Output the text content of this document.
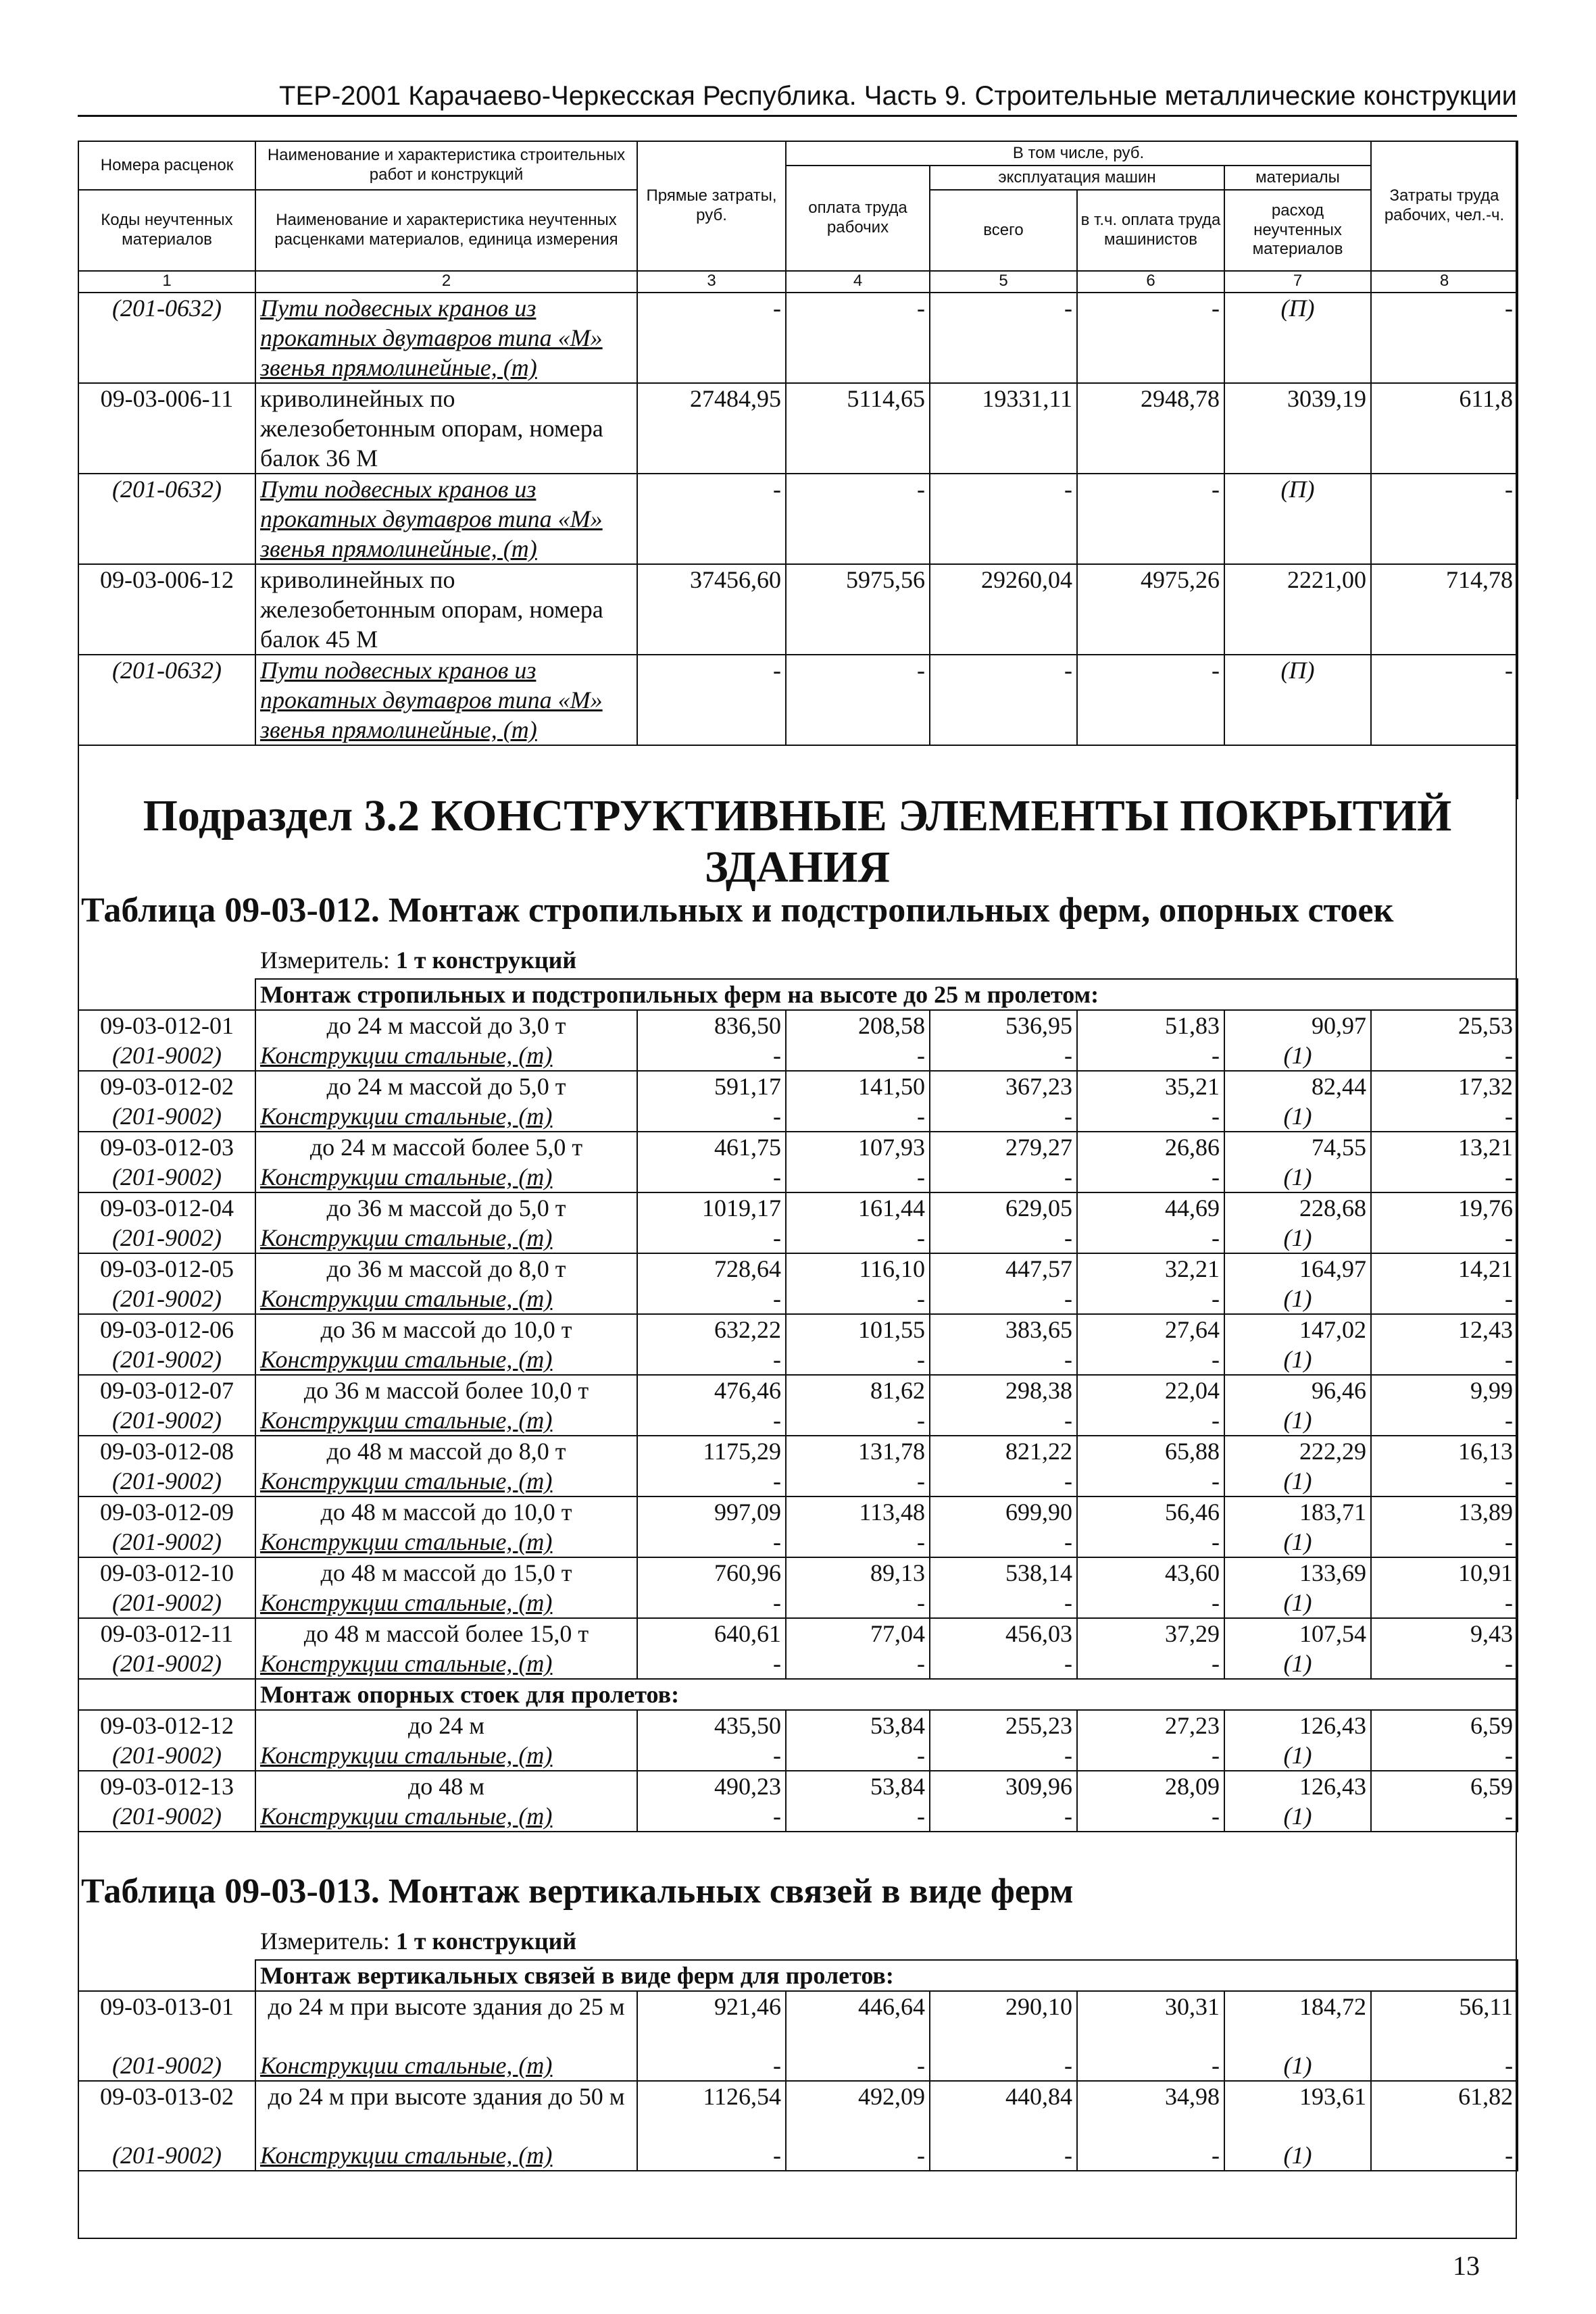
ТЕР-2001 Карачаево-Черкесская Республика. Часть 9. Строительные металлические конструкции
Номера расценок	Наименование и характеристика строительных работ и конструкций	Прямые затраты, руб.	В том числе, руб.				Затраты труда рабочих, чел.-ч.
			оплата труда рабочих	эксплуатация машин		материалы	
Коды неучтенных материалов	Наименование и характеристика неучтенных расценками материалов, единица измерения			всего	в т.ч. оплата труда машинистов	расход неучтенных материалов	

1	2	3	4	5	6	7	8
(201-0632)	Пути подвесных кранов из прокатных двутавров типа «М» звенья прямолинейные, (т)	-	-	-	-	(П)	-
09-03-006-11	криволинейных по железобетонным опорам, номера балок 36 М	27484,95	5114,65	19331,11	2948,78	3039,19	611,8
(201-0632)	Пути подвесных кранов из прокатных двутавров типа «М» звенья прямолинейные, (т)	-	-	-	-	(П)	-
09-03-006-12	криволинейных по железобетонным опорам, номера балок 45 М	37456,60	5975,56	29260,04	4975,26	2221,00	714,78
(201-0632)	Пути подвесных кранов из прокатных двутавров типа «М» звенья прямолинейные, (т)	-	-	-	-	(П)	-

Подраздел 3.2 КОНСТРУКТИВНЫЕ ЭЛЕМЕНТЫ ПОКРЫТИЙ ЗДАНИЯ
Таблица 09-03-012. Монтаж стропильных и подстропильных ферм, опорных стоек
Измеритель: 1 т конструкций
	Монтаж стропильных и подстропильных ферм на высоте до 25 м пролетом:						
09-03-012-01	до 24 м массой до 3,0 т	836,50	208,58	536,95	51,83	90,97	25,53
(201-9002)	Конструкции стальные, (т)	-	-	-	-	(1)	-
09-03-012-02	до 24 м массой до 5,0 т	591,17	141,50	367,23	35,21	82,44	17,32
(201-9002)	Конструкции стальные, (т)	-	-	-	-	(1)	-
09-03-012-03	до 24 м массой более 5,0 т	461,75	107,93	279,27	26,86	74,55	13,21
(201-9002)	Конструкции стальные, (т)	-	-	-	-	(1)	-
09-03-012-04	до 36 м массой до 5,0 т	1019,17	161,44	629,05	44,69	228,68	19,76
(201-9002)	Конструкции стальные, (т)	-	-	-	-	(1)	-
09-03-012-05	до 36 м массой до 8,0 т	728,64	116,10	447,57	32,21	164,97	14,21
(201-9002)	Конструкции стальные, (т)	-	-	-	-	(1)	-
09-03-012-06	до 36 м массой до 10,0 т	632,22	101,55	383,65	27,64	147,02	12,43
(201-9002)	Конструкции стальные, (т)	-	-	-	-	(1)	-
09-03-012-07	до 36 м массой более 10,0 т	476,46	81,62	298,38	22,04	96,46	9,99
(201-9002)	Конструкции стальные, (т)	-	-	-	-	(1)	-
09-03-012-08	до 48 м массой до 8,0 т	1175,29	131,78	821,22	65,88	222,29	16,13
(201-9002)	Конструкции стальные, (т)	-	-	-	-	(1)	-
09-03-012-09	до 48 м массой до 10,0 т	997,09	113,48	699,90	56,46	183,71	13,89
(201-9002)	Конструкции стальные, (т)	-	-	-	-	(1)	-
09-03-012-10	до 48 м массой до 15,0 т	760,96	89,13	538,14	43,60	133,69	10,91
(201-9002)	Конструкции стальные, (т)	-	-	-	-	(1)	-
09-03-012-11	до 48 м массой более 15,0 т	640,61	77,04	456,03	37,29	107,54	9,43
(201-9002)	Конструкции стальные, (т)	-	-	-	-	(1)	-
	Монтаж опорных стоек для пролетов:						
09-03-012-12	до 24 м	435,50	53,84	255,23	27,23	126,43	6,59
(201-9002)	Конструкции стальные, (т)	-	-	-	-	(1)	-
09-03-012-13	до 48 м	490,23	53,84	309,96	28,09	126,43	6,59
(201-9002)	Конструкции стальные, (т)	-	-	-	-	(1)	-
Таблица 09-03-013. Монтаж вертикальных связей в виде ферм
Измеритель: 1 т конструкций
	Монтаж вертикальных связей в виде ферм для пролетов:						
09-03-013-01	до 24 м при высоте здания до 25 м	921,46	446,64	290,10	30,31	184,72	56,11
(201-9002)	Конструкции стальные, (т)	-	-	-	-	(1)	-
09-03-013-02	до 24 м при высоте здания до 50 м	1126,54	492,09	440,84	34,98	193,61	61,82
(201-9002)	Конструкции стальные, (т)	-	-	-	-	(1)	-
13
